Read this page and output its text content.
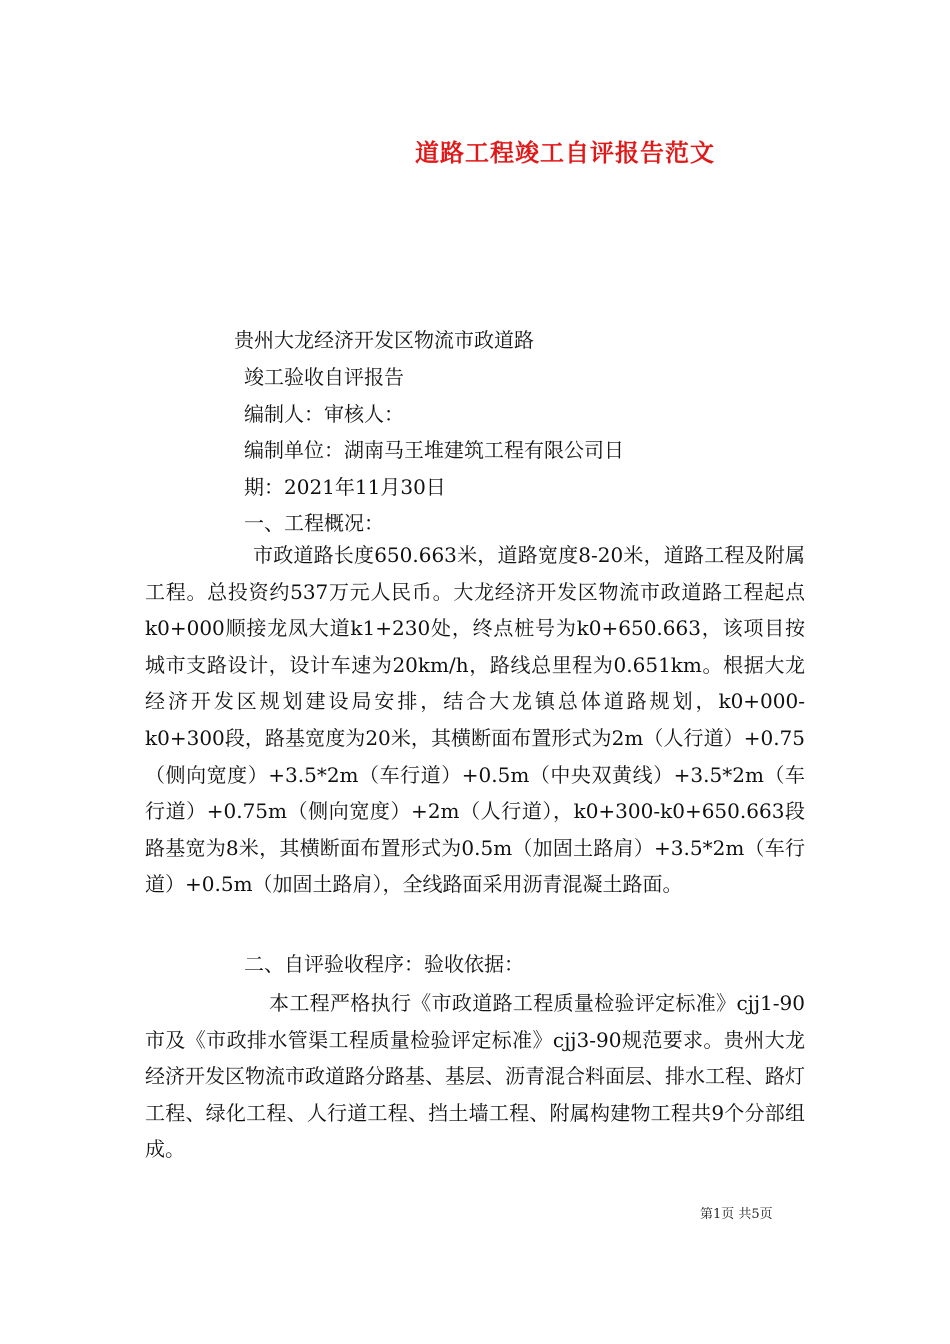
道路工程竣工自评报告范文
贵州大龙经济开发区物流市政道路
竣工验收自评报告
编制人：审核人：
编制单位：湖南马王堆建筑工程有限公司日
期：2021年11月30日
一、工程概况：
市政道路长度650.663米，道路宽度8-20米，道路工程及附属工程。总投资约537万元人民币。大龙经济开发区物流市政道路工程起点k0+000顺接龙凤大道k1+230处，终点桩号为k0+650.663，该项目按城市支路设计，设计车速为20km/h，路线总里程为0.651km。根据大龙经济开发区规划建设局安排，结合大龙镇总体道路规划，k0+000-k0+300段，路基宽度为20米，其横断面布置形式为2m（人行道）+0.75（侧向宽度）+3.5*2m（车行道）+0.5m（中央双黄线）+3.5*2m（车行道）+0.75m（侧向宽度）+2m（人行道），k0+300-k0+650.663段路基宽为8米，其横断面布置形式为0.5m（加固土路肩）+3.5*2m（车行道）+0.5m（加固土路肩），全线路面采用沥青混凝土路面。
二、自评验收程序：验收依据：
本工程严格执行《市政道路工程质量检验评定标准》cjj1-90市及《市政排水管渠工程质量检验评定标准》cjj3-90规范要求。贵州大龙经济开发区物流市政道路分路基、基层、沥青混合料面层、排水工程、路灯工程、绿化工程、人行道工程、挡土墙工程、附属构建物工程共9个分部组成。
第1页 共5页
